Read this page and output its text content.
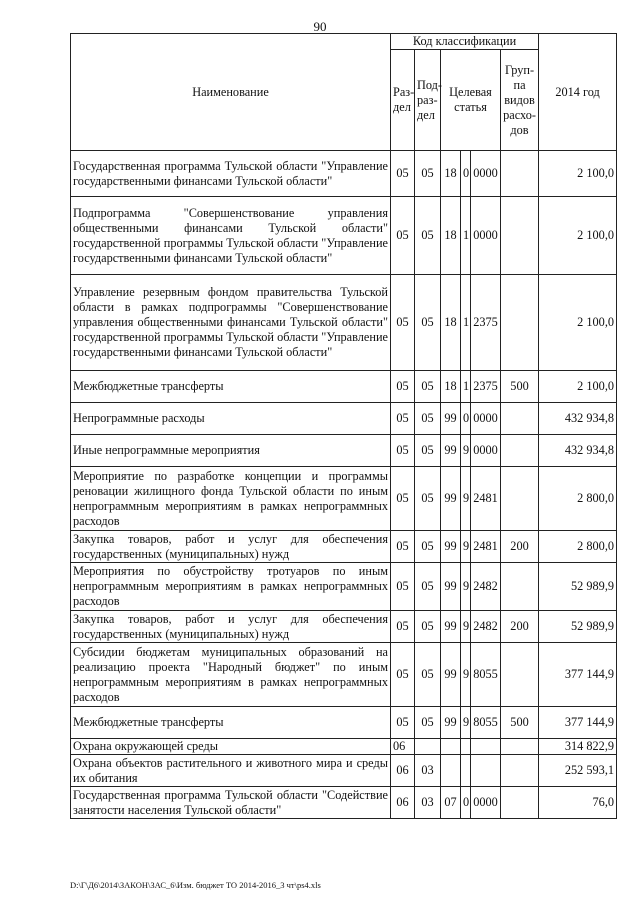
90
Наименование	Код классификации						2014 год
	Раз-дел	Под-раз-дел	Целевая статья			Груп-па видов расхо-дов	
Государственная программа Тульской области "Управление государственными финансами Тульской области"	05	05	18	0	0000		2 100,0
Подпрограмма "Совершенствование управления общественными финансами Тульской области" государственной программы Тульской области "Управление государственными финансами Тульской области"	05	05	18	1	0000		2 100,0
Управление резервным фондом правительства Тульской области в рамках подпрограммы "Совершенствование управления общественными финансами Тульской области" государственной программы Тульской области "Управление государственными финансами Тульской области"	05	05	18	1	2375		2 100,0
Межбюджетные трансферты	05	05	18	1	2375	500	2 100,0
Непрограммные расходы	05	05	99	0	0000		432 934,8
Иные непрограммные мероприятия	05	05	99	9	0000		432 934,8
Мероприятие по разработке концепции и программы реновации жилищного фонда Тульской области по иным непрограммным мероприятиям в рамках непрограммных расходов	05	05	99	9	2481		2 800,0
Закупка товаров, работ и услуг для обеспечения государственных (муниципальных) нужд	05	05	99	9	2481	200	2 800,0
Мероприятия по обустройству тротуаров по иным непрограммным мероприятиям в рамках непрограммных расходов	05	05	99	9	2482		52 989,9
Закупка товаров, работ и услуг для обеспечения государственных (муниципальных) нужд	05	05	99	9	2482	200	52 989,9
Субсидии бюджетам муниципальных образований на реализацию проекта "Народный бюджет" по иным непрограммным мероприятиям в рамках непрограммных расходов	05	05	99	9	8055		377 144,9
Межбюджетные трансферты	05	05	99	9	8055	500	377 144,9
Охрана окружающей среды	06						314 822,9
Охрана объектов растительного и животного мира и среды их обитания	06	03					252 593,1
Государственная программа Тульской области "Содействие занятости населения Тульской области"	06	03	07	0	0000		76,0
D:\Г\Д6\2014\ЗАКОН\ЗАС_6\Изм. бюджет ТО 2014-2016_3 чт\рs4.xls
